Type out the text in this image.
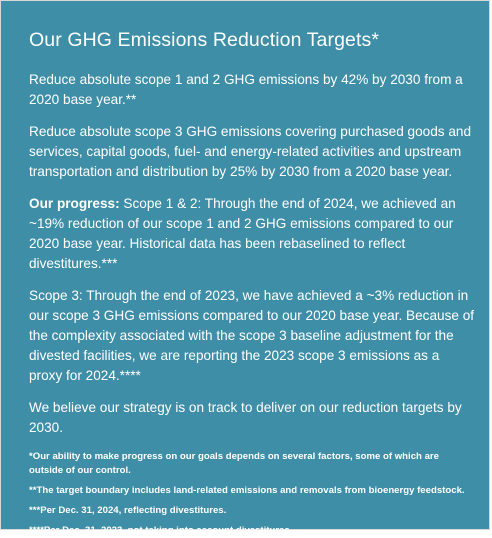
Our GHG Emissions Reduction Targets*

Reduce absolute scope 1 and 2 GHG emissions by 42% by 2030 from a 2020 base year.**

Reduce absolute scope 3 GHG emissions covering purchased goods and services, capital goods, fuel- and energy-related activities and upstream transportation and distribution by 25% by 2030 from a 2020 base year.

Our progress: Scope 1 & 2: Through the end of 2024, we achieved an ~19% reduction of our scope 1 and 2 GHG emissions compared to our 2020 base year. Historical data has been rebaselined to reflect divestitures.***

Scope 3: Through the end of 2023, we have achieved a ~3% reduction in our scope 3 GHG emissions compared to our 2020 base year. Because of the complexity associated with the scope 3 baseline adjustment for the divested facilities, we are reporting the 2023 scope 3 emissions as a proxy for 2024.****

We believe our strategy is on track to deliver on our reduction targets by 2030.

*Our ability to make progress on our goals depends on several factors, some of which are outside of our control.

**The target boundary includes land-related emissions and removals from bioenergy feedstock.

***Per Dec. 31, 2024, reflecting divestitures.

****Per Dec. 31, 2023, not taking into account divestitures.
